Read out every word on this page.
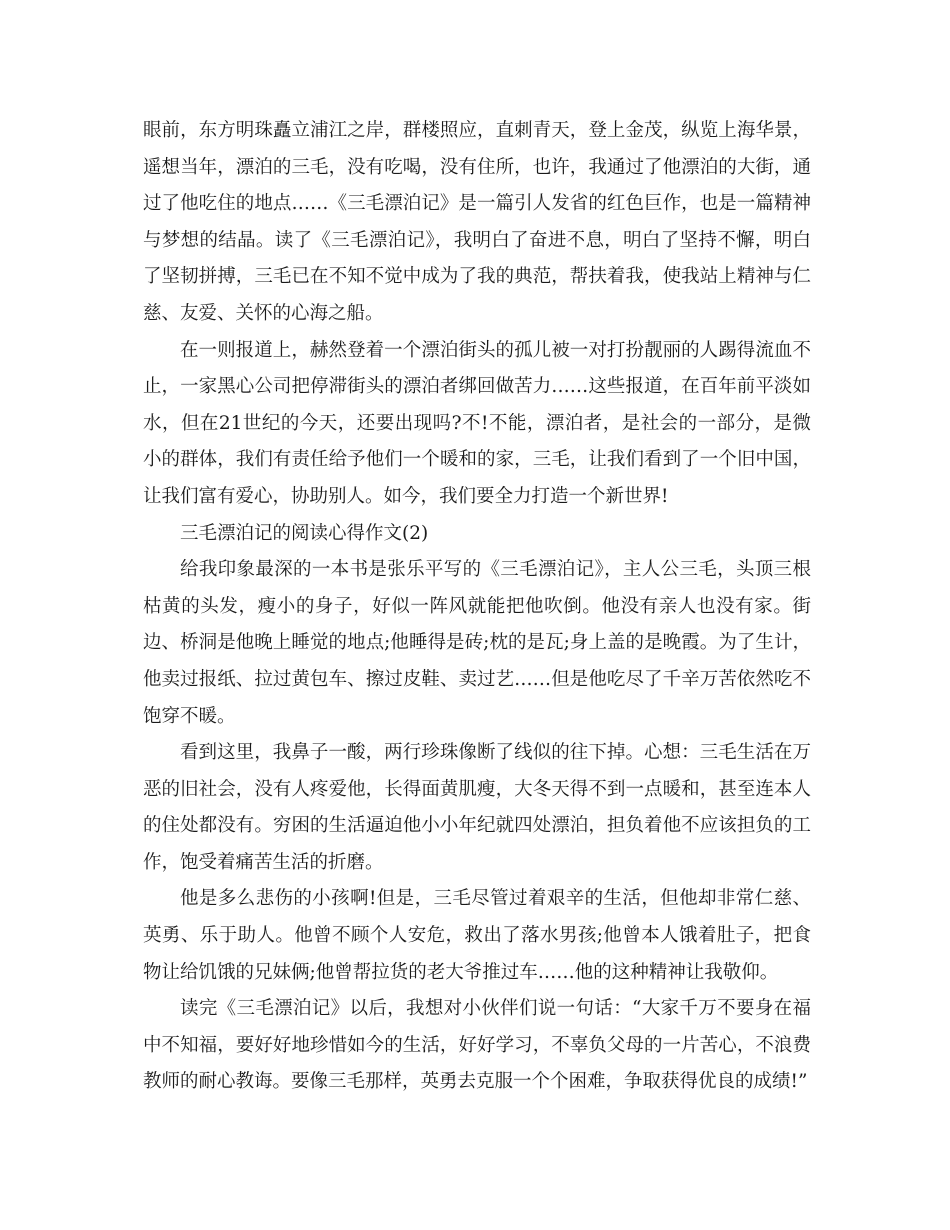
眼前，东方明珠矗立浦江之岸，群楼照应，直刺青天，登上金茂，纵览上海华景，遥想当年，漂泊的三毛，没有吃喝，没有住所，也许，我通过了他漂泊的大街，通过了他吃住的地点……《三毛漂泊记》是一篇引人发省的红色巨作，也是一篇精神与梦想的结晶。读了《三毛漂泊记》，我明白了奋进不息，明白了坚持不懈，明白了坚韧拼搏，三毛已在不知不觉中成为了我的典范，帮扶着我，使我站上精神与仁慈、友爱、关怀的心海之船。

在一则报道上，赫然登着一个漂泊街头的孤儿被一对打扮靓丽的人踢得流血不止，一家黑心公司把停滞街头的漂泊者绑回做苦力……这些报道，在百年前平淡如水，但在21世纪的今天，还要出现吗?不!不能，漂泊者，是社会的一部分，是微小的群体，我们有责任给予他们一个暖和的家，三毛，让我们看到了一个旧中国，让我们富有爱心，协助别人。如今，我们要全力打造一个新世界!

三毛漂泊记的阅读心得作文(2)

给我印象最深的一本书是张乐平写的《三毛漂泊记》，主人公三毛，头顶三根枯黄的头发，瘦小的身子，好似一阵风就能把他吹倒。他没有亲人也没有家。街边、桥洞是他晚上睡觉的地点;他睡得是砖;枕的是瓦;身上盖的是晚霞。为了生计，他卖过报纸、拉过黄包车、擦过皮鞋、卖过艺……但是他吃尽了千辛万苦依然吃不饱穿不暖。

看到这里，我鼻子一酸，两行珍珠像断了线似的往下掉。心想：三毛生活在万恶的旧社会，没有人疼爱他，长得面黄肌瘦，大冬天得不到一点暖和，甚至连本人的住处都没有。穷困的生活逼迫他小小年纪就四处漂泊，担负着他不应该担负的工作，饱受着痛苦生活的折磨。

他是多么悲伤的小孩啊!但是，三毛尽管过着艰辛的生活，但他却非常仁慈、英勇、乐于助人。他曾不顾个人安危，救出了落水男孩;他曾本人饿着肚子，把食物让给饥饿的兄妹俩;他曾帮拉货的老大爷推过车……他的这种精神让我敬仰。

读完《三毛漂泊记》以后，我想对小伙伴们说一句话：“大家千万不要身在福中不知福，要好好地珍惜如今的生活，好好学习，不辜负父母的一片苦心，不浪费教师的耐心教诲。要像三毛那样，英勇去克服一个个困难，争取获得优良的成绩!”
